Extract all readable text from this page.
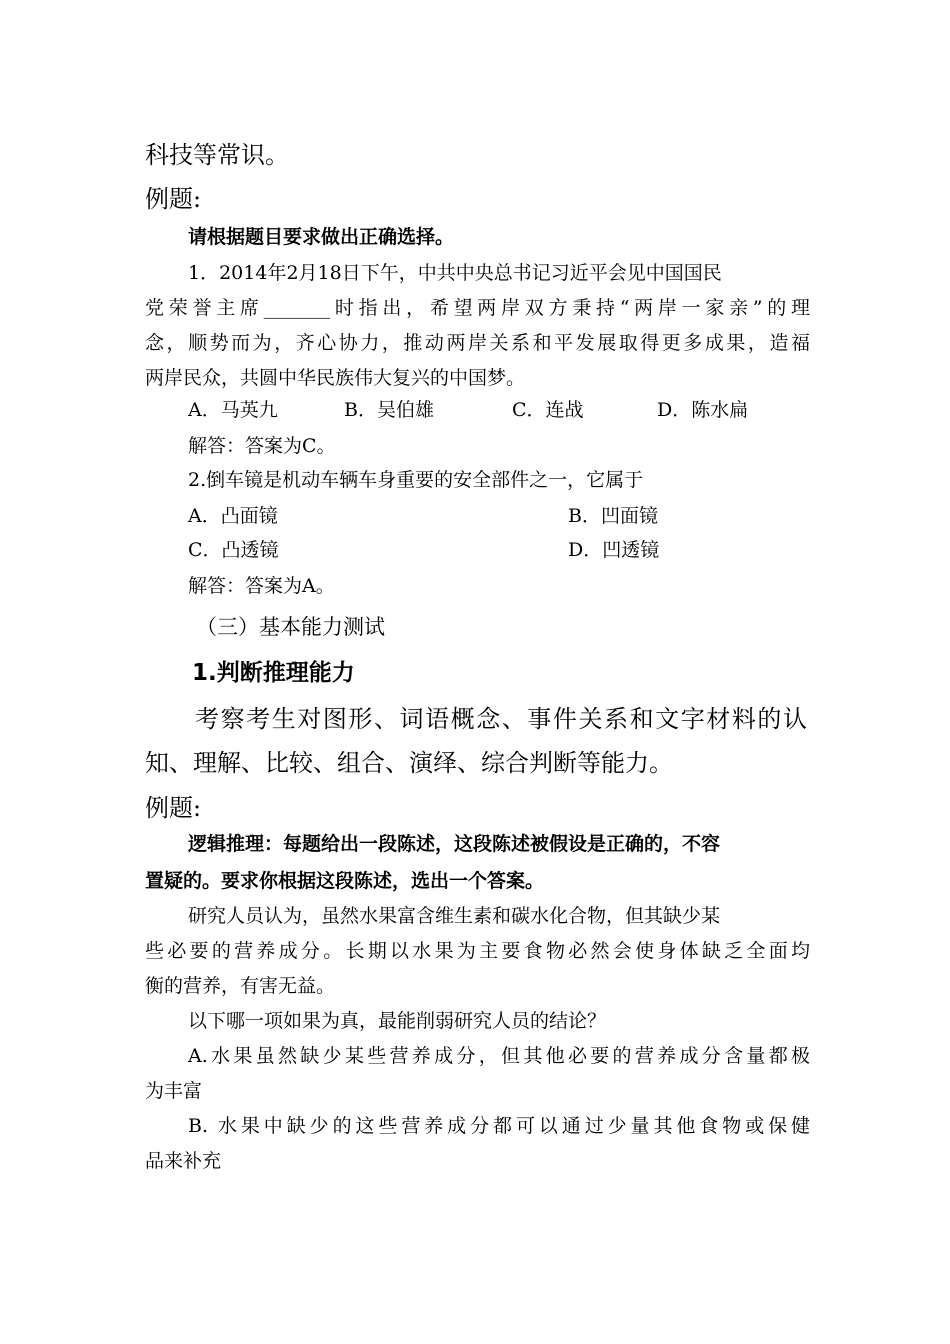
科技等常识。
例题:
请根据题目要求做出正确选择。
1．2014年2月18日下午，中共中央总书记习近平会见中国国民
党荣誉主席_______时指出，希望两岸双方秉持“两岸一家亲”的理
念，顺势而为，齐心协力，推动两岸关系和平发展取得更多成果，造福
两岸民众，共圆中华民族伟大复兴的中国梦。
A．马英九	B．吴伯雄	C．连战	D．陈水扁
解答：答案为C。
2.倒车镜是机动车辆车身重要的安全部件之一，它属于
A．凸面镜	B．凹面镜
C．凸透镜	D．凹透镜
解答：答案为A。
（三）基本能力测试
1.判断推理能力
考察考生对图形、词语概念、事件关系和文字材料的认
知、理解、比较、组合、演绎、综合判断等能力。
例题:
逻辑推理：每题给出一段陈述，这段陈述被假设是正确的，不容
置疑的。要求你根据这段陈述，选出一个答案。
研究人员认为，虽然水果富含维生素和碳水化合物，但其缺少某
些必要的营养成分。长期以水果为主要食物必然会使身体缺乏全面均
衡的营养，有害无益。
以下哪一项如果为真，最能削弱研究人员的结论？
A.水果虽然缺少某些营养成分，但其他必要的营养成分含量都极
为丰富
B. 水果中缺少的这些营养成分都可以通过少量其他食物或保健
品来补充
